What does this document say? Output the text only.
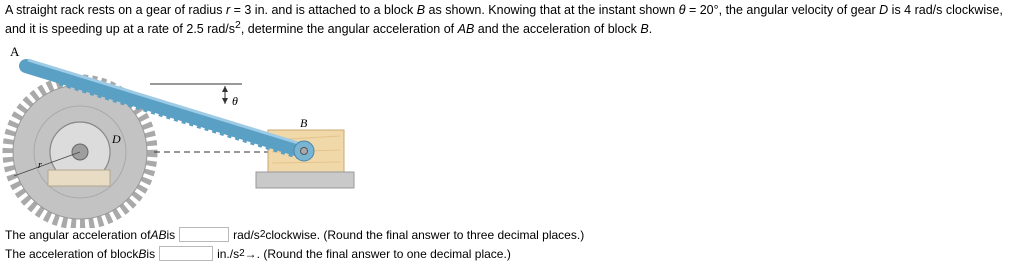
A straight rack rests on a gear of radius r = 3 in. and is attached to a block B as shown. Knowing that at the instant shown θ = 20°, the angular velocity of gear D is 4 rad/s clockwise, and it is speeding up at a rate of 2.5 rad/$s^2$, determine the angular acceleration of AB and the acceleration of block B.

A
B
D
θ
r
The angular acceleration of AB is	rad/s 2 clockwise. (Round the final answer to three decimal places.)
The acceleration of block B is	in./s 2 →. (Round the final answer to one decimal place.)
